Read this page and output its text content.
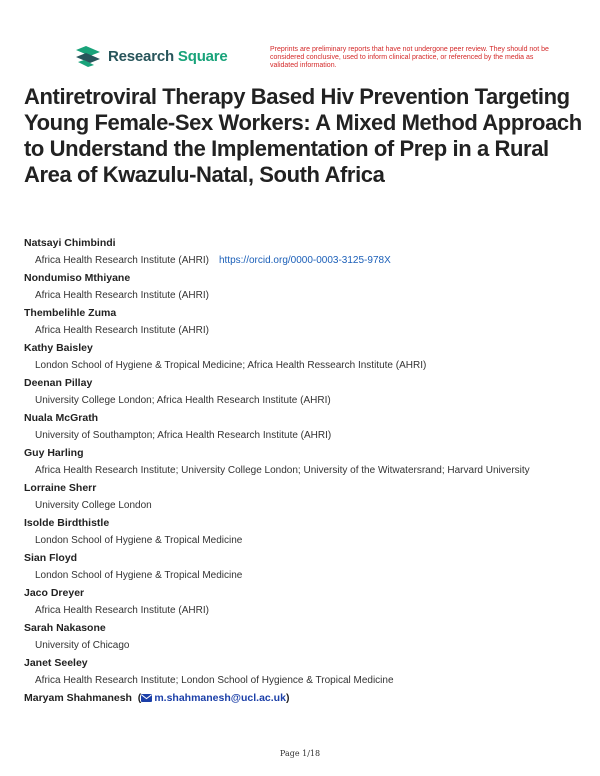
Research Square	Preprints are preliminary reports that have not undergone peer review. They should not be considered conclusive, used to inform clinical practice, or referenced by the media as validated information.
Antiretroviral Therapy Based Hiv Prevention Targeting Young Female-Sex Workers: A Mixed Method Approach to Understand the Implementation of Prep in a Rural Area of Kwazulu-Natal, South Africa
Natsayi Chimbindi
Africa Health Research Institute (AHRI) https://orcid.org/0000-0003-3125-978X
Nondumiso Mthiyane
Africa Health Research Institute (AHRI)
Thembelihle Zuma
Africa Health Research Institute (AHRI)
Kathy Baisley
London School of Hygiene & Tropical Medicine; Africa Health Ressearch Institute (AHRI)
Deenan Pillay
University College London; Africa Health Research Institute (AHRI)
Nuala McGrath
University of Southampton; Africa Health Research Institute (AHRI)
Guy Harling
Africa Health Research Institute; University College London; University of the Witwatersrand; Harvard University
Lorraine Sherr
University College London
Isolde Birdthistle
London School of Hygiene & Tropical Medicine
Sian Floyd
London School of Hygiene & Tropical Medicine
Jaco Dreyer
Africa Health Research Institute (AHRI)
Sarah Nakasone
University of Chicago
Janet Seeley
Africa Health Research Institute; London School of Hygience & Tropical Medicine
Maryam Shahmanesh  ( m.shahmanesh@ucl.ac.uk)
Page 1/18
